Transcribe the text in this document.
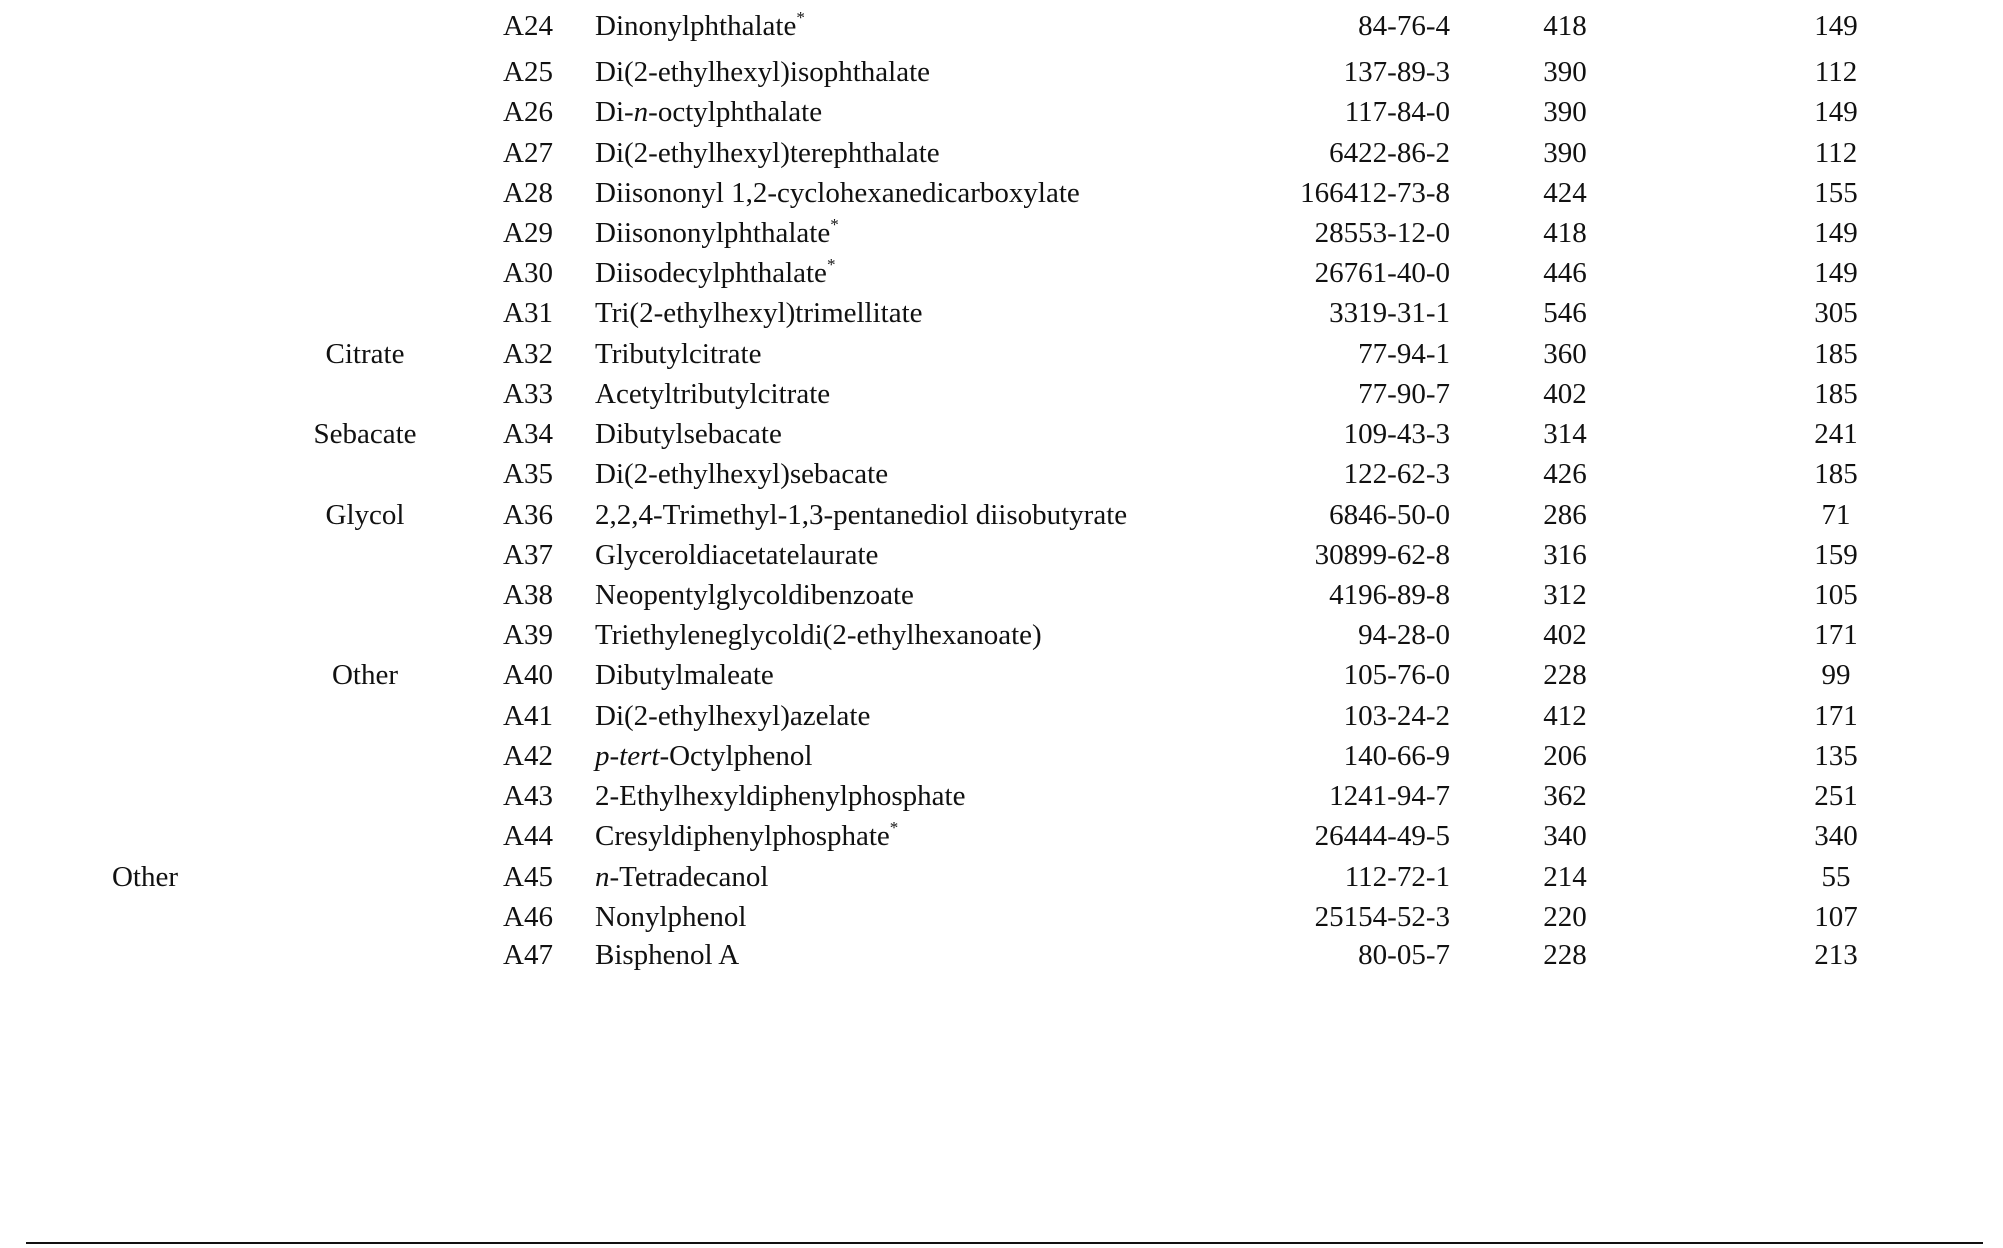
A24 Dinonylphthalate*	84-76-4	418	149
A25 Di(2-ethylhexyl)isophthalate	137-89-3	390	112
A26 Di-n-octylphthalate	117-84-0	390	149
A27 Di(2-ethylhexyl)terephthalate	6422-86-2	390	112
A28 Diisononyl 1,2-cyclohexanedicarboxylate	166412-73-8	424	155
A29 Diisononylphthalate*	28553-12-0	418	149
A30 Diisodecylphthalate*	26761-40-0	446	149
A31 Tri(2-ethylhexyl)trimellitate	3319-31-1	546	305
Citrate	A32 Tributylcitrate	77-94-1	360	185
A33 Acetyltributylcitrate	77-90-7	402	185
Sebacate	A34 Dibutylsebacate	109-43-3	314	241
A35 Di(2-ethylhexyl)sebacate	122-62-3	426	185
Glycol	A36 2,2,4-Trimethyl-1,3-pentanediol diisobutyrate	6846-50-0	286	71
A37 Glyceroldiacetatelaurate	30899-62-8	316	159
A38 Neopentylglycoldibenzoate	4196-89-8	312	105
A39 Triethyleneglycoldi(2-ethylhexanoate)	94-28-0	402	171
Other	A40 Dibutylmaleate	105-76-0	228	99
A41 Di(2-ethylhexyl)azelate	103-24-2	412	171
A42 p-tert-Octylphenol	140-66-9	206	135
A43 2-Ethylhexyldiphenylphosphate	1241-94-7	362	251
A44 Cresyldiphenylphosphate*	26444-49-5	340	340
Other	A45 n-Tetradecanol	112-72-1	214	55
A46 Nonylphenol	25154-52-3	220	107
A47 Bisphenol A	80-05-7	228	213
